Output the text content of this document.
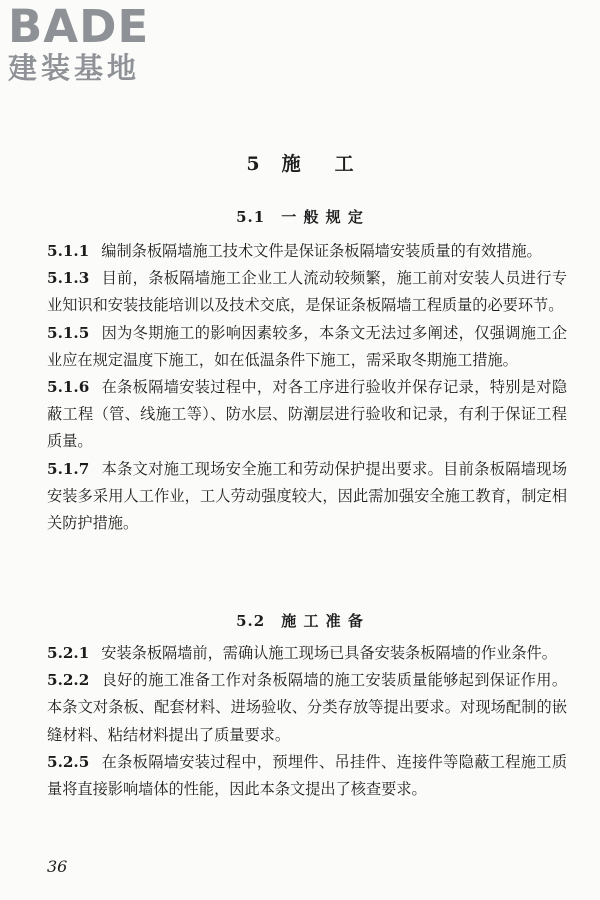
BADE
建装基地
5 施 工
5.1 一 般 规 定

5.1.1 编制条板隔墙施工技术文件是保证条板隔墙安装质量的有效措施。

5.1.3 目前，条板隔墙施工企业工人流动较频繁，施工前对安装人员进行专业知识和安装技能培训以及技术交底，是保证条板隔墙工程质量的必要环节。

5.1.5 因为冬期施工的影响因素较多，本条文无法过多阐述，仅强调施工企业应在规定温度下施工，如在低温条件下施工，需采取冬期施工措施。

5.1.6 在条板隔墙安装过程中，对各工序进行验收并保存记录，特别是对隐蔽工程（管、线施工等）、防水层、防潮层进行验收和记录，有利于保证工程质量。

5.1.7 本条文对施工现场安全施工和劳动保护提出要求。目前条板隔墙现场安装多采用人工作业，工人劳动强度较大，因此需加强安全施工教育，制定相关防护措施。

5.2 施 工 准 备

5.2.1 安装条板隔墙前，需确认施工现场已具备安装条板隔墙的作业条件。

5.2.2 良好的施工准备工作对条板隔墙的施工安装质量能够起到保证作用。本条文对条板、配套材料、进场验收、分类存放等提出要求。对现场配制的嵌缝材料、粘结材料提出了质量要求。

5.2.5 在条板隔墙安装过程中，预埋件、吊挂件、连接件等隐蔽工程施工质量将直接影响墙体的性能，因此本条文提出了核查要求。

36
